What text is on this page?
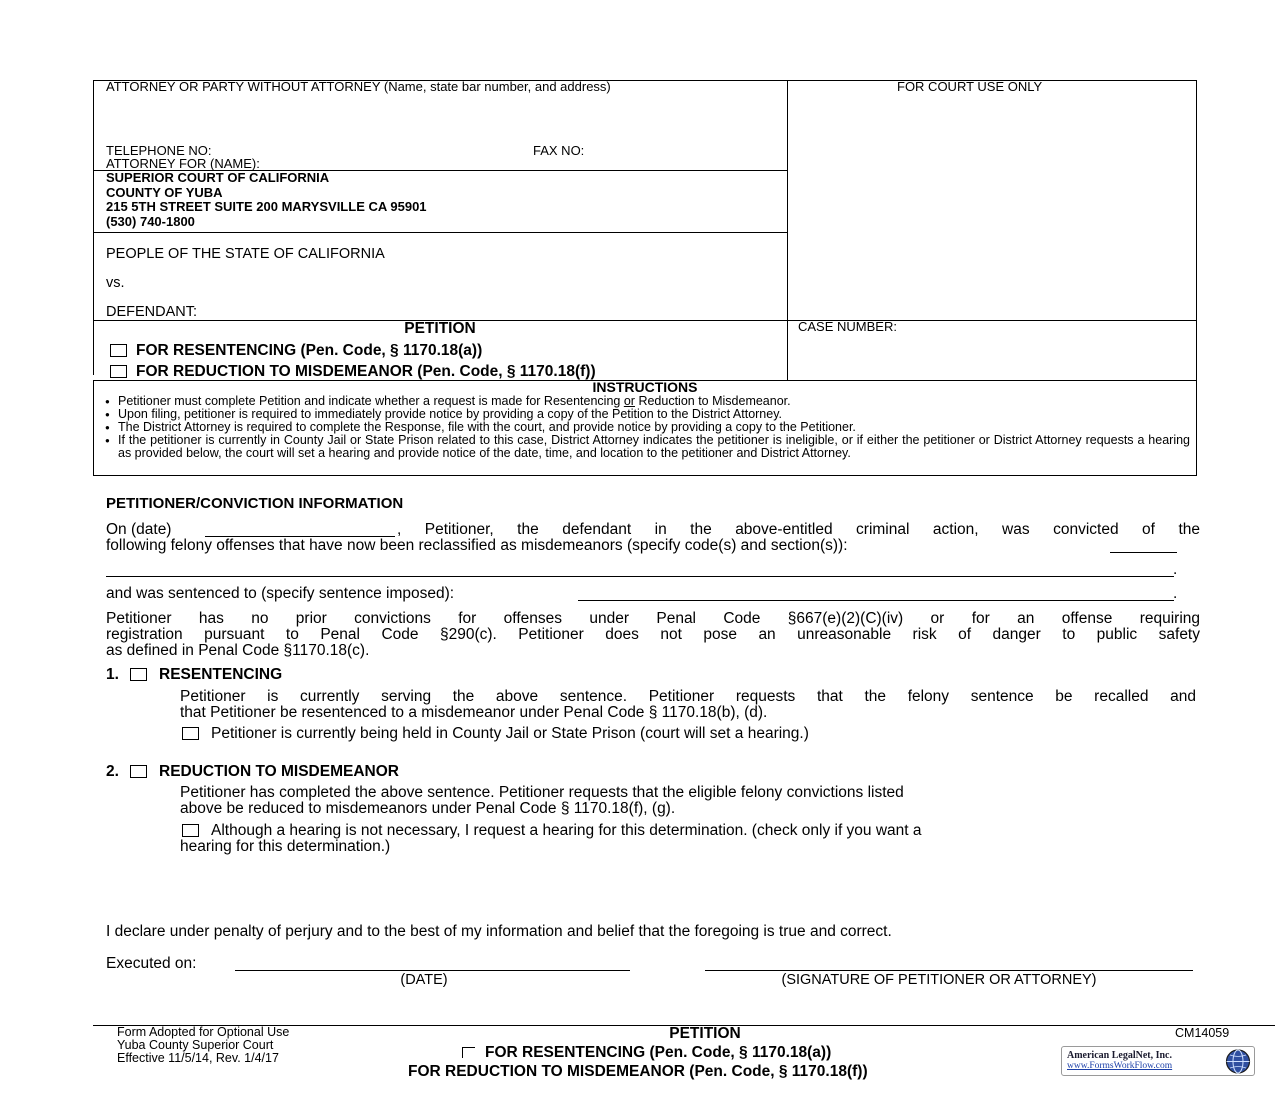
ATTORNEY OR PARTY WITHOUT ATTORNEY (Name, state bar number, and address)	FOR COURT USE ONLY
TELEPHONE NO:	FAX NO:
ATTORNEY FOR (NAME):
SUPERIOR COURT OF CALIFORNIA
COUNTY OF YUBA
215 5TH STREET SUITE 200 MARYSVILLE CA 95901
(530) 740-1800
PEOPLE OF THE STATE OF CALIFORNIA
vs.
DEFENDANT:
PETITION
FOR RESENTENCING (Pen. Code, § 1170.18(a))
FOR REDUCTION TO MISDEMEANOR (Pen. Code, § 1170.18(f))
CASE NUMBER:
INSTRUCTIONS
● Petitioner must complete Petition and indicate whether a request is made for Resentencing or Reduction to Misdemeanor.
● Upon filing, petitioner is required to immediately provide notice by providing a copy of the Petition to the District Attorney.
● The District Attorney is required to complete the Response, file with the court, and provide notice by providing a copy to the Petitioner.
● If the petitioner is currently in County Jail or State Prison related to this case, District Attorney indicates the petitioner is ineligible, or if either the petitioner or District Attorney requests a hearing as provided below, the court will set a hearing and provide notice of the date, time, and location to the petitioner and District Attorney.
PETITIONER/CONVICTION INFORMATION
On (date)	, Petitioner, the defendant in the above-entitled criminal action, was convicted of the
following felony offenses that have now been reclassified as misdemeanors (specify code(s) and section(s)):
.
and was sentenced to (specify sentence imposed):	.
Petitioner has no prior convictions for offenses under Penal Code §667(e)(2)(C)(iv) or for an offense requiring
registration pursuant to Penal Code §290(c). Petitioner does not pose an unreasonable risk of danger to public safety
as defined in Penal Code §1170.18(c).
1.	RESENTENCING
Petitioner is currently serving the above sentence. Petitioner requests that the felony sentence be recalled and
that Petitioner be resentenced to a misdemeanor under Penal Code § 1170.18(b), (d).
Petitioner is currently being held in County Jail or State Prison (court will set a hearing.)
2.	REDUCTION TO MISDEMEANOR
Petitioner has completed the above sentence. Petitioner requests that the eligible felony convictions listed
above be reduced to misdemeanors under Penal Code § 1170.18(f), (g).
Although a hearing is not necessary, I request a hearing for this determination. (check only if you want a
hearing for this determination.)
I declare under penalty of perjury and to the best of my information and belief that the foregoing is true and correct.
Executed on:
(DATE)	(SIGNATURE OF PETITIONER OR ATTORNEY)
Form Adopted for Optional Use
Yuba County Superior Court
Effective 11/5/14, Rev. 1/4/17
PETITION
FOR RESENTENCING (Pen. Code, § 1170.18(a))
FOR REDUCTION TO MISDEMEANOR (Pen. Code, § 1170.18(f))
CM14059
American LegalNet, Inc.
www.FormsWorkFlow.com
